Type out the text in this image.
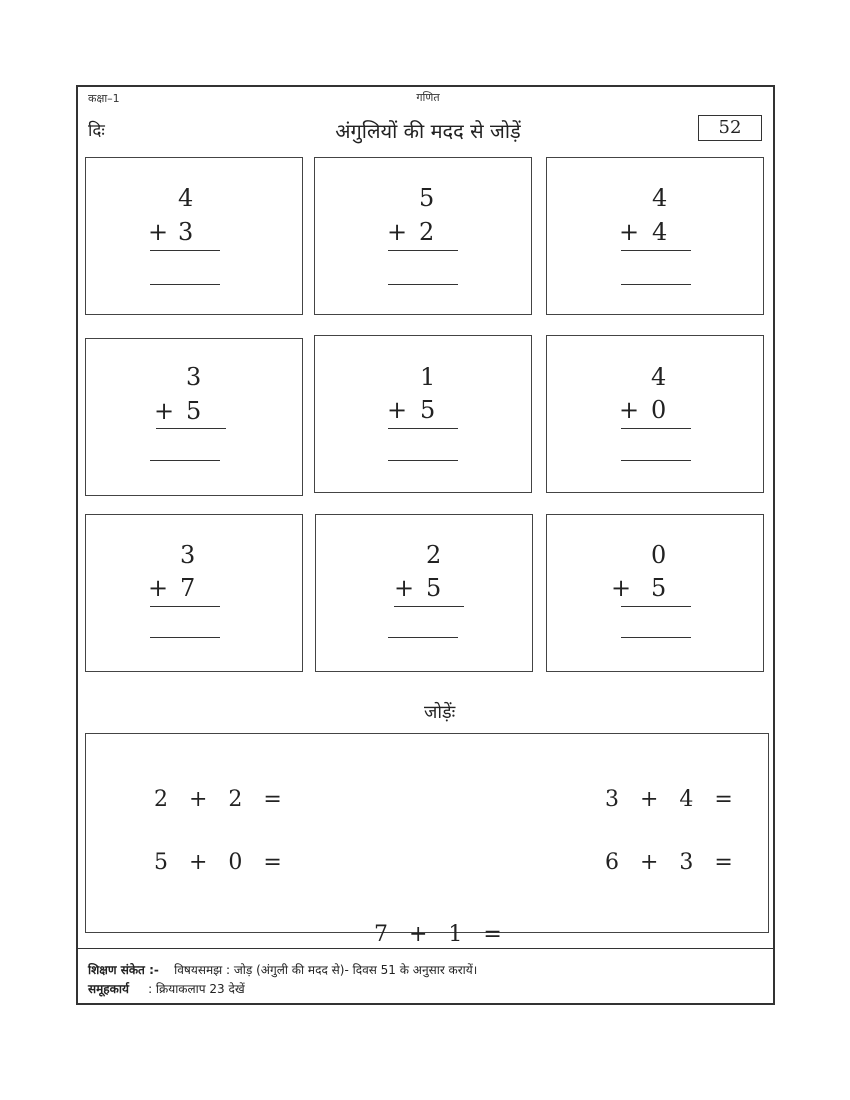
कक्षा–1	गणित
दिः	अंगुलियों की मदद से जोड़ें	52
4
+ 3
5
+ 2
4
+ 4
3
+ 5
1
+ 5
4
+ 0
3
+ 7
2
+ 5
0
+ 5
जोड़ेंः

2 + 2 =
	3 + 4 =

5 + 0 =
	6 + 3 =

7 + 1 =

शिक्षण संकेत :- विषयसमझ : जोड़ (अंगुली की मदद से)- दिवस 51 के अनुसार करायें।
समूहकार्य : क्रियाकलाप 23 देखें
